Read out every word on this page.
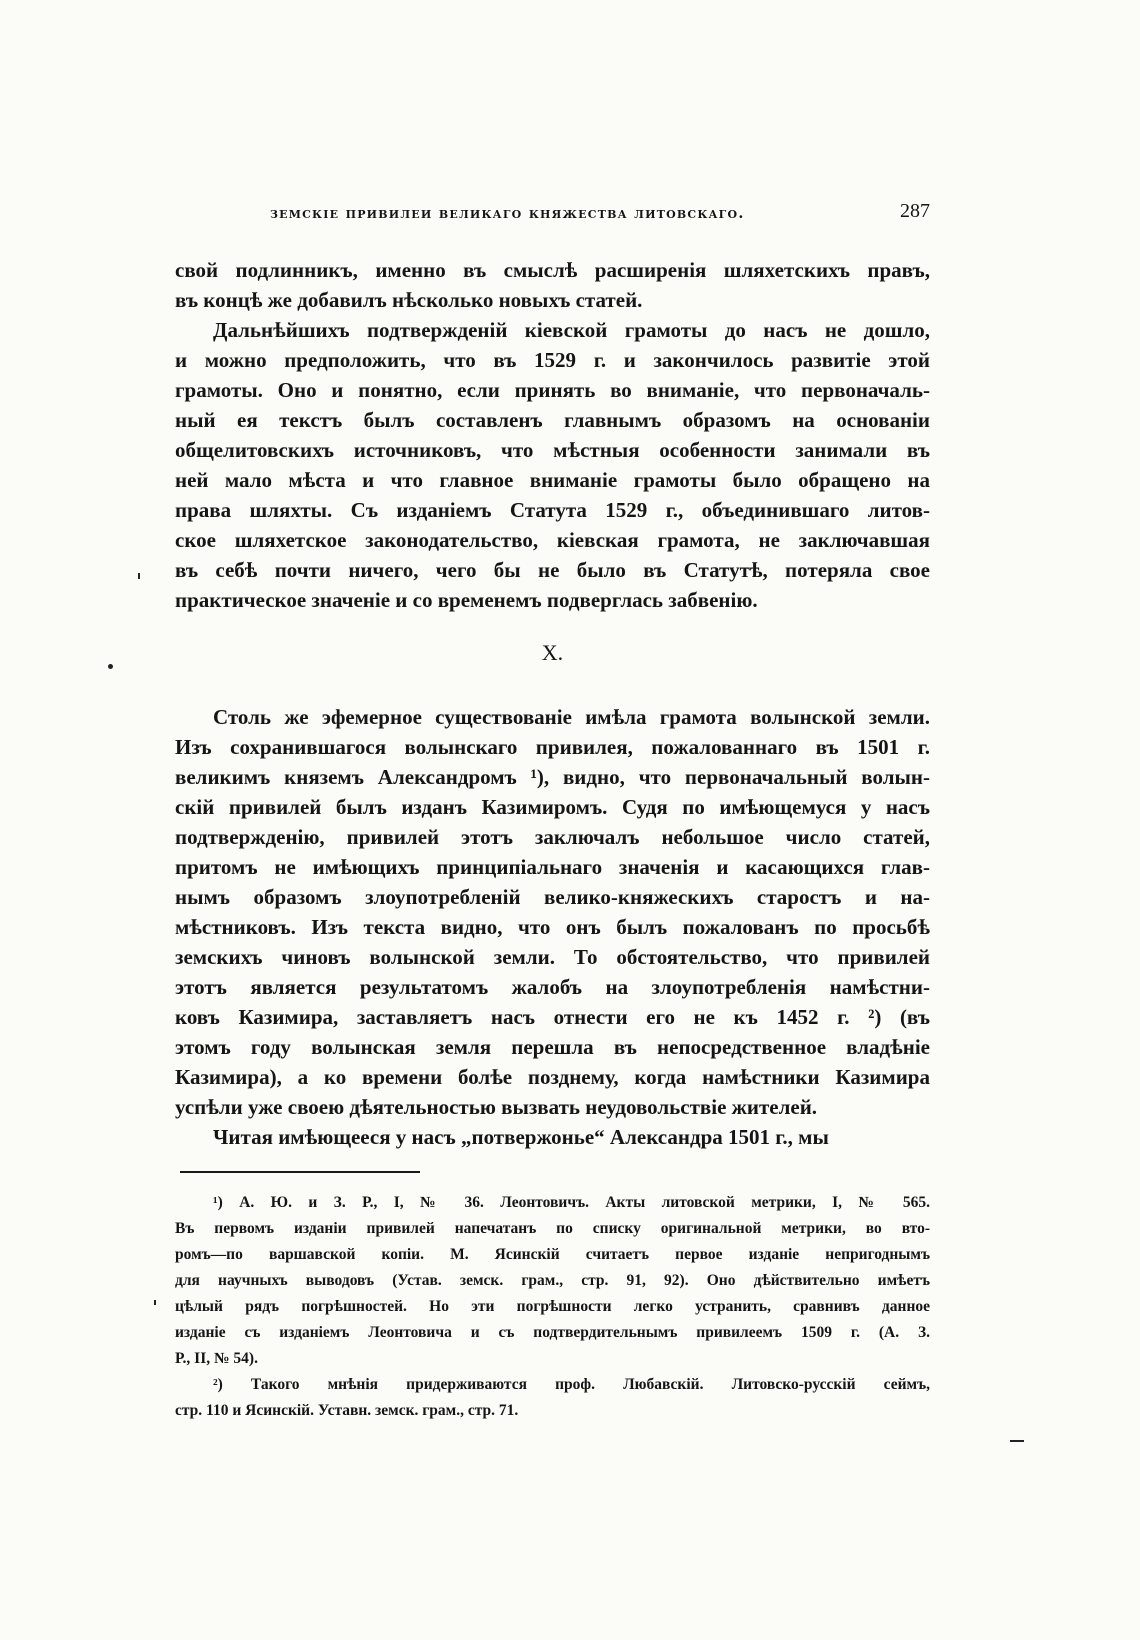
земскіе привилеи великаго княжества литовскаго.	287
свой подлинникъ, именно въ смыслѣ расширенія шляхетскихъ правъ,
въ концѣ же добавилъ нѣсколько новыхъ статей.
Дальнѣйшихъ подтвержденій кіевской грамоты до насъ не дошло,
и можно предположить, что въ 1529 г. и закончилось развитіе этой
грамоты. Оно и понятно, если принять во вниманіе, что первоначаль-
ный ея текстъ былъ составленъ главнымъ образомъ на основаніи
общелитовскихъ источниковъ, что мѣстныя особенности занимали въ
ней мало мѣста и что главное вниманіе грамоты было обращено на
права шляхты. Съ изданіемъ Статута 1529 г., объединившаго литов-
ское шляхетское законодательство, кіевская грамота, не заключавшая
въ себѣ почти ничего, чего бы не было въ Статутѣ, потеряла свое
практическое значеніе и со временемъ подверглась забвенію.
X.
Столь же эфемерное существованіе имѣла грамота волынской земли.
Изъ сохранившагося волынскаго привилея, пожалованнаго въ 1501 г.
великимъ княземъ Александромъ ¹), видно, что первоначальный волын-
скій привилей былъ изданъ Казимиромъ. Судя по имѣющемуся у насъ
подтвержденію, привилей этотъ заключалъ небольшое число статей,
притомъ не имѣющихъ принципіальнаго значенія и касающихся глав-
нымъ образомъ злоупотребленій велико-княжескихъ старостъ и на-
мѣстниковъ. Изъ текста видно, что онъ былъ пожалованъ по просьбѣ
земскихъ чиновъ волынской земли. То обстоятельство, что привилей
этотъ является результатомъ жалобъ на злоупотребленія намѣстни-
ковъ Казимира, заставляетъ насъ отнести его не къ 1452 г. ²) (въ
этомъ году волынская земля перешла въ непосредственное владѣніе
Казимира), а ко времени болѣе позднему, когда намѣстники Казимира
успѣли уже своею дѣятельностью вызвать неудовольствіе жителей.
Читая имѣющееся у насъ „потвержонье“ Александра 1501 г., мы
¹) А. Ю. и З. Р., I, № 36. Леонтовичъ. Акты литовской метрики, I, № 565.
Въ первомъ изданіи привилей напечатанъ по списку оригинальной метрики, во вто-
ромъ—по варшавской копіи. М. Ясинскій считаетъ первое изданіе непригоднымъ
для научныхъ выводовъ (Устав. земск. грам., стр. 91, 92). Оно дѣйствительно имѣетъ
цѣлый рядъ погрѣшностей. Но эти погрѣшности легко устранить, сравнивъ данное
изданіе съ изданіемъ Леонтовича и съ подтвердительнымъ привилеемъ 1509 г. (А. З.
Р., II, № 54).
²) Такого мнѣнія придерживаются проф. Любавскій. Литовско-русскій сеймъ,
стр. 110 и Ясинскій. Уставн. земск. грам., стр. 71.
